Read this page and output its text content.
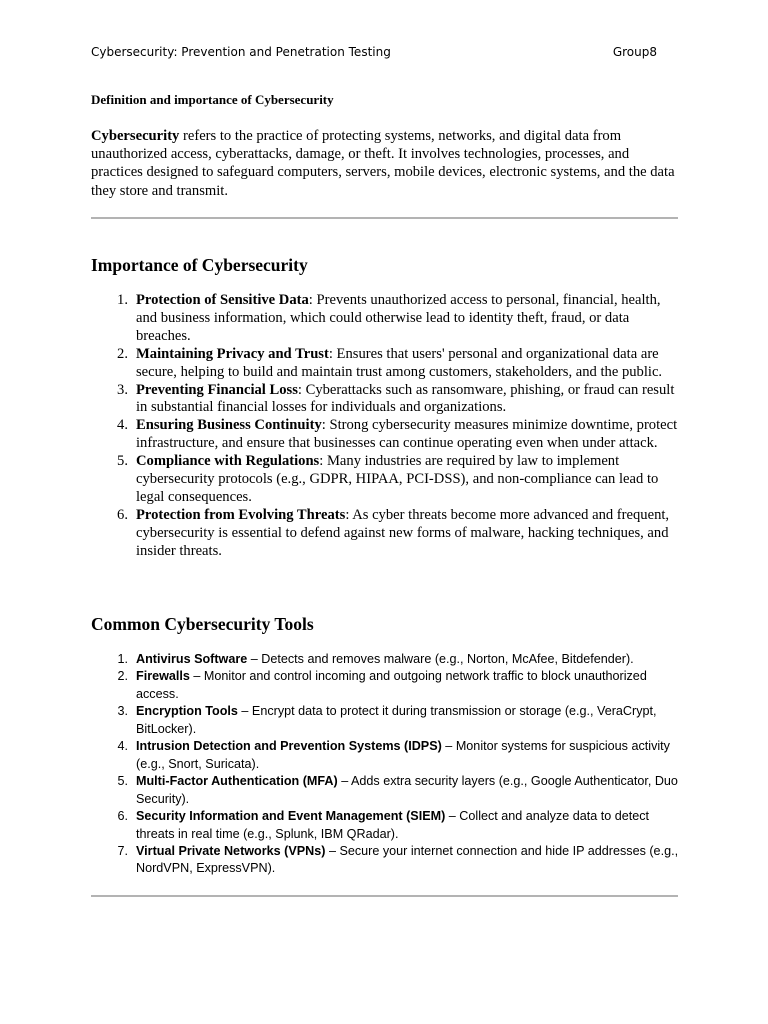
Cybersecurity: Prevention and Penetration Testing	Group8
Definition and importance of Cybersecurity

Cybersecurity refers to the practice of protecting systems, networks, and digital data from unauthorized access, cyberattacks, damage, or theft. It involves technologies, processes, and practices designed to safeguard computers, servers, mobile devices, electronic systems, and the data they store and transmit.

Importance of Cybersecurity
1. Protection of Sensitive Data: Prevents unauthorized access to personal, financial, health, and business information, which could otherwise lead to identity theft, fraud, or data breaches.
2. Maintaining Privacy and Trust: Ensures that users' personal and organizational data are secure, helping to build and maintain trust among customers, stakeholders, and the public.
3. Preventing Financial Loss: Cyberattacks such as ransomware, phishing, or fraud can result in substantial financial losses for individuals and organizations.
4. Ensuring Business Continuity: Strong cybersecurity measures minimize downtime, protect infrastructure, and ensure that businesses can continue operating even when under attack.
5. Compliance with Regulations: Many industries are required by law to implement cybersecurity protocols (e.g., GDPR, HIPAA, PCI-DSS), and non-compliance can lead to legal consequences.
6. Protection from Evolving Threats: As cyber threats become more advanced and frequent, cybersecurity is essential to defend against new forms of malware, hacking techniques, and insider threats.
Common Cybersecurity Tools
1. Antivirus Software – Detects and removes malware (e.g., Norton, McAfee, Bitdefender).
2. Firewalls – Monitor and control incoming and outgoing network traffic to block unauthorized access.
3. Encryption Tools – Encrypt data to protect it during transmission or storage (e.g., VeraCrypt, BitLocker).
4. Intrusion Detection and Prevention Systems (IDPS) – Monitor systems for suspicious activity (e.g., Snort, Suricata).
5. Multi-Factor Authentication (MFA) – Adds extra security layers (e.g., Google Authenticator, Duo Security).
6. Security Information and Event Management (SIEM) – Collect and analyze data to detect threats in real time (e.g., Splunk, IBM QRadar).
7. Virtual Private Networks (VPNs) – Secure your internet connection and hide IP addresses (e.g., NordVPN, ExpressVPN).
